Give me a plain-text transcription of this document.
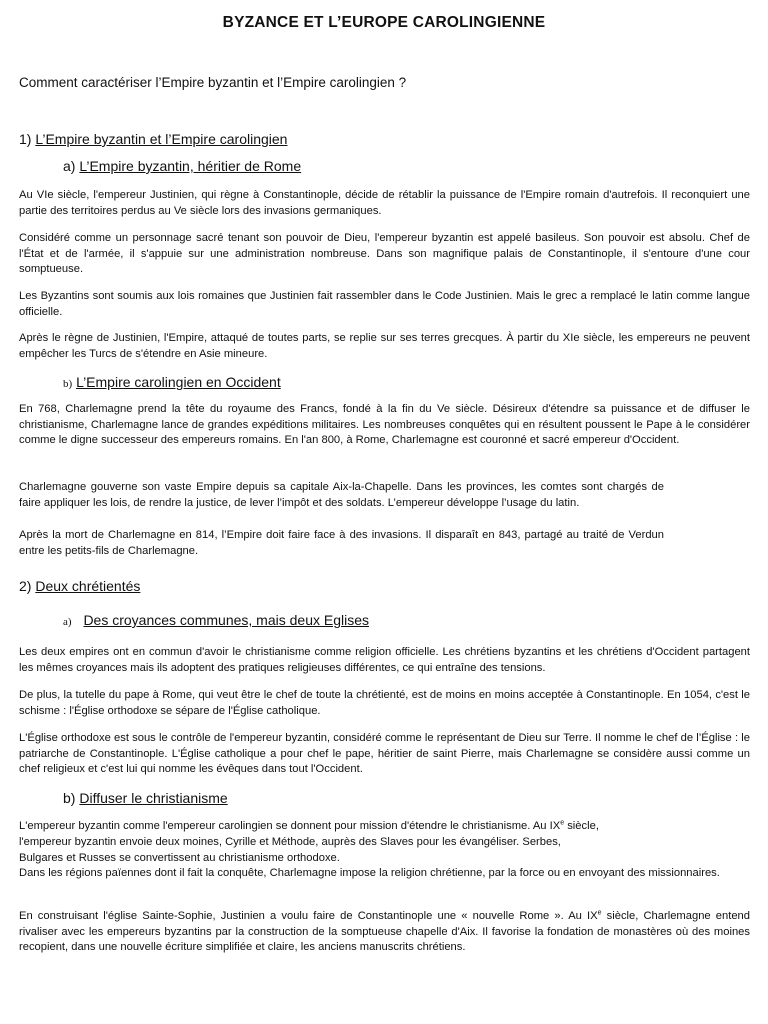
BYZANCE ET L’EUROPE CAROLINGIENNE
Comment caractériser l’Empire byzantin et l’Empire carolingien ?
1) L’Empire byzantin et l’Empire carolingien
a) L’Empire byzantin, héritier de Rome
Au VIe siècle, l'empereur Justinien, qui règne à Constantinople, décide de rétablir la puissance de l'Empire romain d'autrefois. Il reconquiert une partie des territoires perdus au Ve siècle lors des invasions germaniques.
Considéré comme un personnage sacré tenant son pouvoir de Dieu, l'empereur byzantin est appelé basileus. Son pouvoir est absolu. Chef de l'État et de l'armée, il s'appuie sur une administration nombreuse. Dans son magnifique palais de Constantinople, il s'entoure d'une cour somptueuse.
Les Byzantins sont soumis aux lois romaines que Justinien fait rassembler dans le Code Justinien. Mais le grec a remplacé le latin comme langue officielle.
Après le règne de Justinien, l'Empire, attaqué de toutes parts, se replie sur ses terres grecques. À partir du XIe siècle, les empereurs ne peuvent empêcher les Turcs de s'étendre en Asie mineure.
b) L’Empire carolingien en Occident
En 768, Charlemagne prend la tête du royaume des Francs, fondé à la fin du Ve siècle. Désireux d'étendre sa puissance et de diffuser le christianisme, Charlemagne lance de grandes expéditions militaires. Les nombreuses conquêtes qui en résultent poussent le Pape à le considérer comme le digne successeur des empereurs romains. En l'an 800, à Rome, Charlemagne est couronné et sacré empereur d'Occident.
Charlemagne gouverne son vaste Empire depuis sa capitale Aix-la-Chapelle. Dans les provinces, les comtes sont chargés de faire appliquer les lois, de rendre la justice, de lever l’impôt et des soldats. L’empereur développe l’usage du latin.
Après la mort de Charlemagne en 814, l’Empire doit faire face à des invasions. Il disparaît en 843, partagé au traité de Verdun entre les petits-fils de Charlemagne.
2) Deux chrétientés
a) Des croyances communes, mais deux Eglises
Les deux empires ont en commun d'avoir le christianisme comme religion officielle. Les chrétiens byzantins et les chrétiens d'Occident partagent les mêmes croyances mais ils adoptent des pratiques religieuses différentes, ce qui entraîne des tensions.
De plus, la tutelle du pape à Rome, qui veut être le chef de toute la chrétienté, est de moins en moins acceptée à Constantinople. En 1054, c'est le schisme : l'Église orthodoxe se sépare de l'Église catholique.
L'Église orthodoxe est sous le contrôle de l'empereur byzantin, considéré comme le représentant de Dieu sur Terre. Il nomme le chef de l’Église : le patriarche de Constantinople. L'Église catholique a pour chef le pape, héritier de saint Pierre, mais Charlemagne se considère aussi comme un chef religieux et c'est lui qui nomme les évêques dans tout l'Occident.
b) Diffuser le christianisme
L'empereur byzantin comme l'empereur carolingien se donnent pour mission d'étendre le christianisme. Au IXe siècle,
l'empereur byzantin envoie deux moines, Cyrille et Méthode, auprès des Slaves pour les évangéliser. Serbes,
Bulgares et Russes se convertissent au christianisme orthodoxe.
Dans les régions païennes dont il fait la conquête, Charlemagne impose la religion chrétienne, par la force ou en envoyant des missionnaires.
En construisant l'église Sainte-Sophie, Justinien a voulu faire de Constantinople une « nouvelle Rome ». Au IXe siècle, Charlemagne entend rivaliser avec les empereurs byzantins par la construction de la somptueuse chapelle d'Aix. Il favorise la fondation de monastères où des moines recopient, dans une nouvelle écriture simplifiée et claire, les anciens manuscrits chrétiens.
